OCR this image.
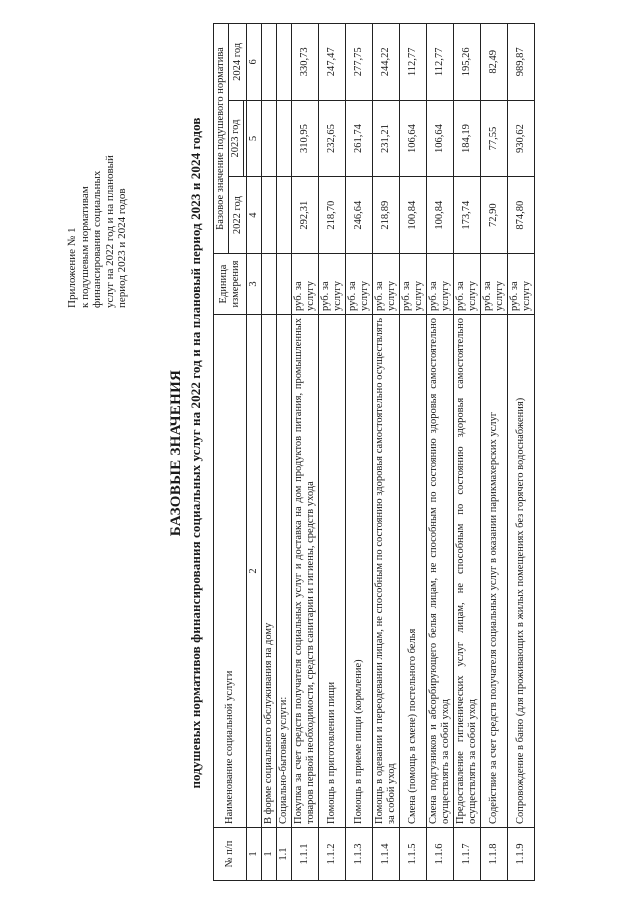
Приложение № 1 к подушевым нормативам финансирования социальных услуг на 2022 год и на плановый период 2023 и 2024 годов
БАЗОВЫЕ ЗНАЧЕНИЯ подушевых нормативов финансирования социальных услуг на 2022 год и на плановый период 2023 и 2024 годов
№ п/п	Наименование социальной услуги	Единица измерения	Базовое значение подушевого норматива		
			2022 год	2023 год	2024 год

1	2	3	4	5	6
1	В форме социального обслуживания на дому				
1.1	Социально-бытовые услуги:				
1.1.1	Покупка за счет средств получателя социальных услуг и доставка на дом продуктов питания, промышленных товаров первой необходимости, средств санитарии и гигиены, средств ухода	руб. за услугу	292,31	310,95	330,73
1.1.2	Помощь в приготовлении пищи	руб. за услугу	218,70	232,65	247,47
1.1.3	Помощь в приеме пищи (кормление)	руб. за услугу	246,64	261,74	277,75
1.1.4	Помощь в одевании и переодевании лицам, не способным по состоянию здоровья самостоятельно осуществлять за собой уход	руб. за услугу	218,89	231,21	244,22
1.1.5	Смена (помощь в смене) постельного белья	руб. за услугу	100,84	106,64	112,77
1.1.6	Смена подгузников и абсорбирующего белья лицам, не способным по состоянию здоровья самостоятельно осуществлять за собой уход	руб. за услугу	100,84	106,64	112,77
1.1.7	Предоставление гигиенических услуг лицам, не способным по состоянию здоровья самостоятельно осуществлять за собой уход	руб. за услугу	173,74	184,19	195,26
1.1.8	Содействие за счет средств получателя социальных услуг в оказании парикмахерских услуг	руб. за услугу	72,90	77,55	82,49
1.1.9	Сопровождение в баню (для проживающих в жилых помещениях без горячего водоснабжения)	руб. за услугу	874,80	930,62	989,87
